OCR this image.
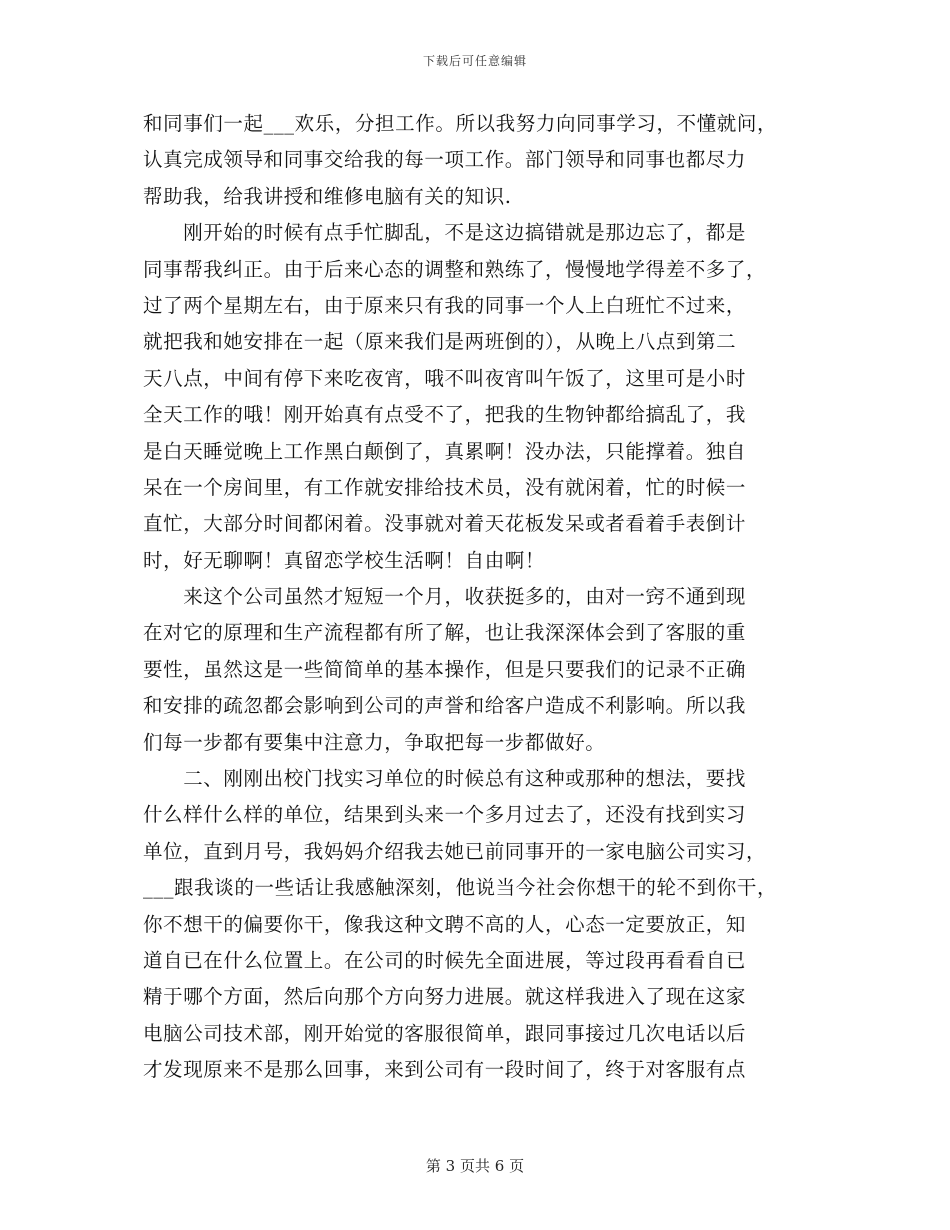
下载后可任意编辑
和同事们一起___欢乐，分担工作。所以我努力向同事学习，不懂就问，
认真完成领导和同事交给我的每一项工作。部门领导和同事也都尽力
帮助我，给我讲授和维修电脑有关的知识.
　　刚开始的时候有点手忙脚乱，不是这边搞错就是那边忘了，都是
同事帮我纠正。由于后来心态的调整和熟练了，慢慢地学得差不多了，
过了两个星期左右，由于原来只有我的同事一个人上白班忙不过来，
就把我和她安排在一起（原来我们是两班倒的），从晚上八点到第二
天八点，中间有停下来吃夜宵，哦不叫夜宵叫午饭了，这里可是小时
全天工作的哦！刚开始真有点受不了，把我的生物钟都给搞乱了，我
是白天睡觉晚上工作黑白颠倒了，真累啊！没办法，只能撑着。独自
呆在一个房间里，有工作就安排给技术员，没有就闲着，忙的时候一
直忙，大部分时间都闲着。没事就对着天花板发呆或者看着手表倒计
时，好无聊啊！真留恋学校生活啊！自由啊！
　　来这个公司虽然才短短一个月，收获挺多的，由对一窍不通到现
在对它的原理和生产流程都有所了解，也让我深深体会到了客服的重
要性，虽然这是一些简简单的基本操作，但是只要我们的记录不正确
和安排的疏忽都会影响到公司的声誉和给客户造成不利影响。所以我
们每一步都有要集中注意力，争取把每一步都做好。
　　二、刚刚出校门找实习单位的时候总有这种或那种的想法，要找
什么样什么样的单位，结果到头来一个多月过去了，还没有找到实习
单位，直到月号，我妈妈介绍我去她已前同事开的一家电脑公司实习，
___跟我谈的一些话让我感触深刻，他说当今社会你想干的轮不到你干，
你不想干的偏要你干，像我这种文聘不高的人，心态一定要放正，知
道自已在什么位置上。在公司的时候先全面进展，等过段再看看自已
精于哪个方面，然后向那个方向努力进展。就这样我进入了现在这家
电脑公司技术部，刚开始觉的客服很简单，跟同事接过几次电话以后
才发现原来不是那么回事，来到公司有一段时间了，终于对客服有点
第 3 页共 6 页
